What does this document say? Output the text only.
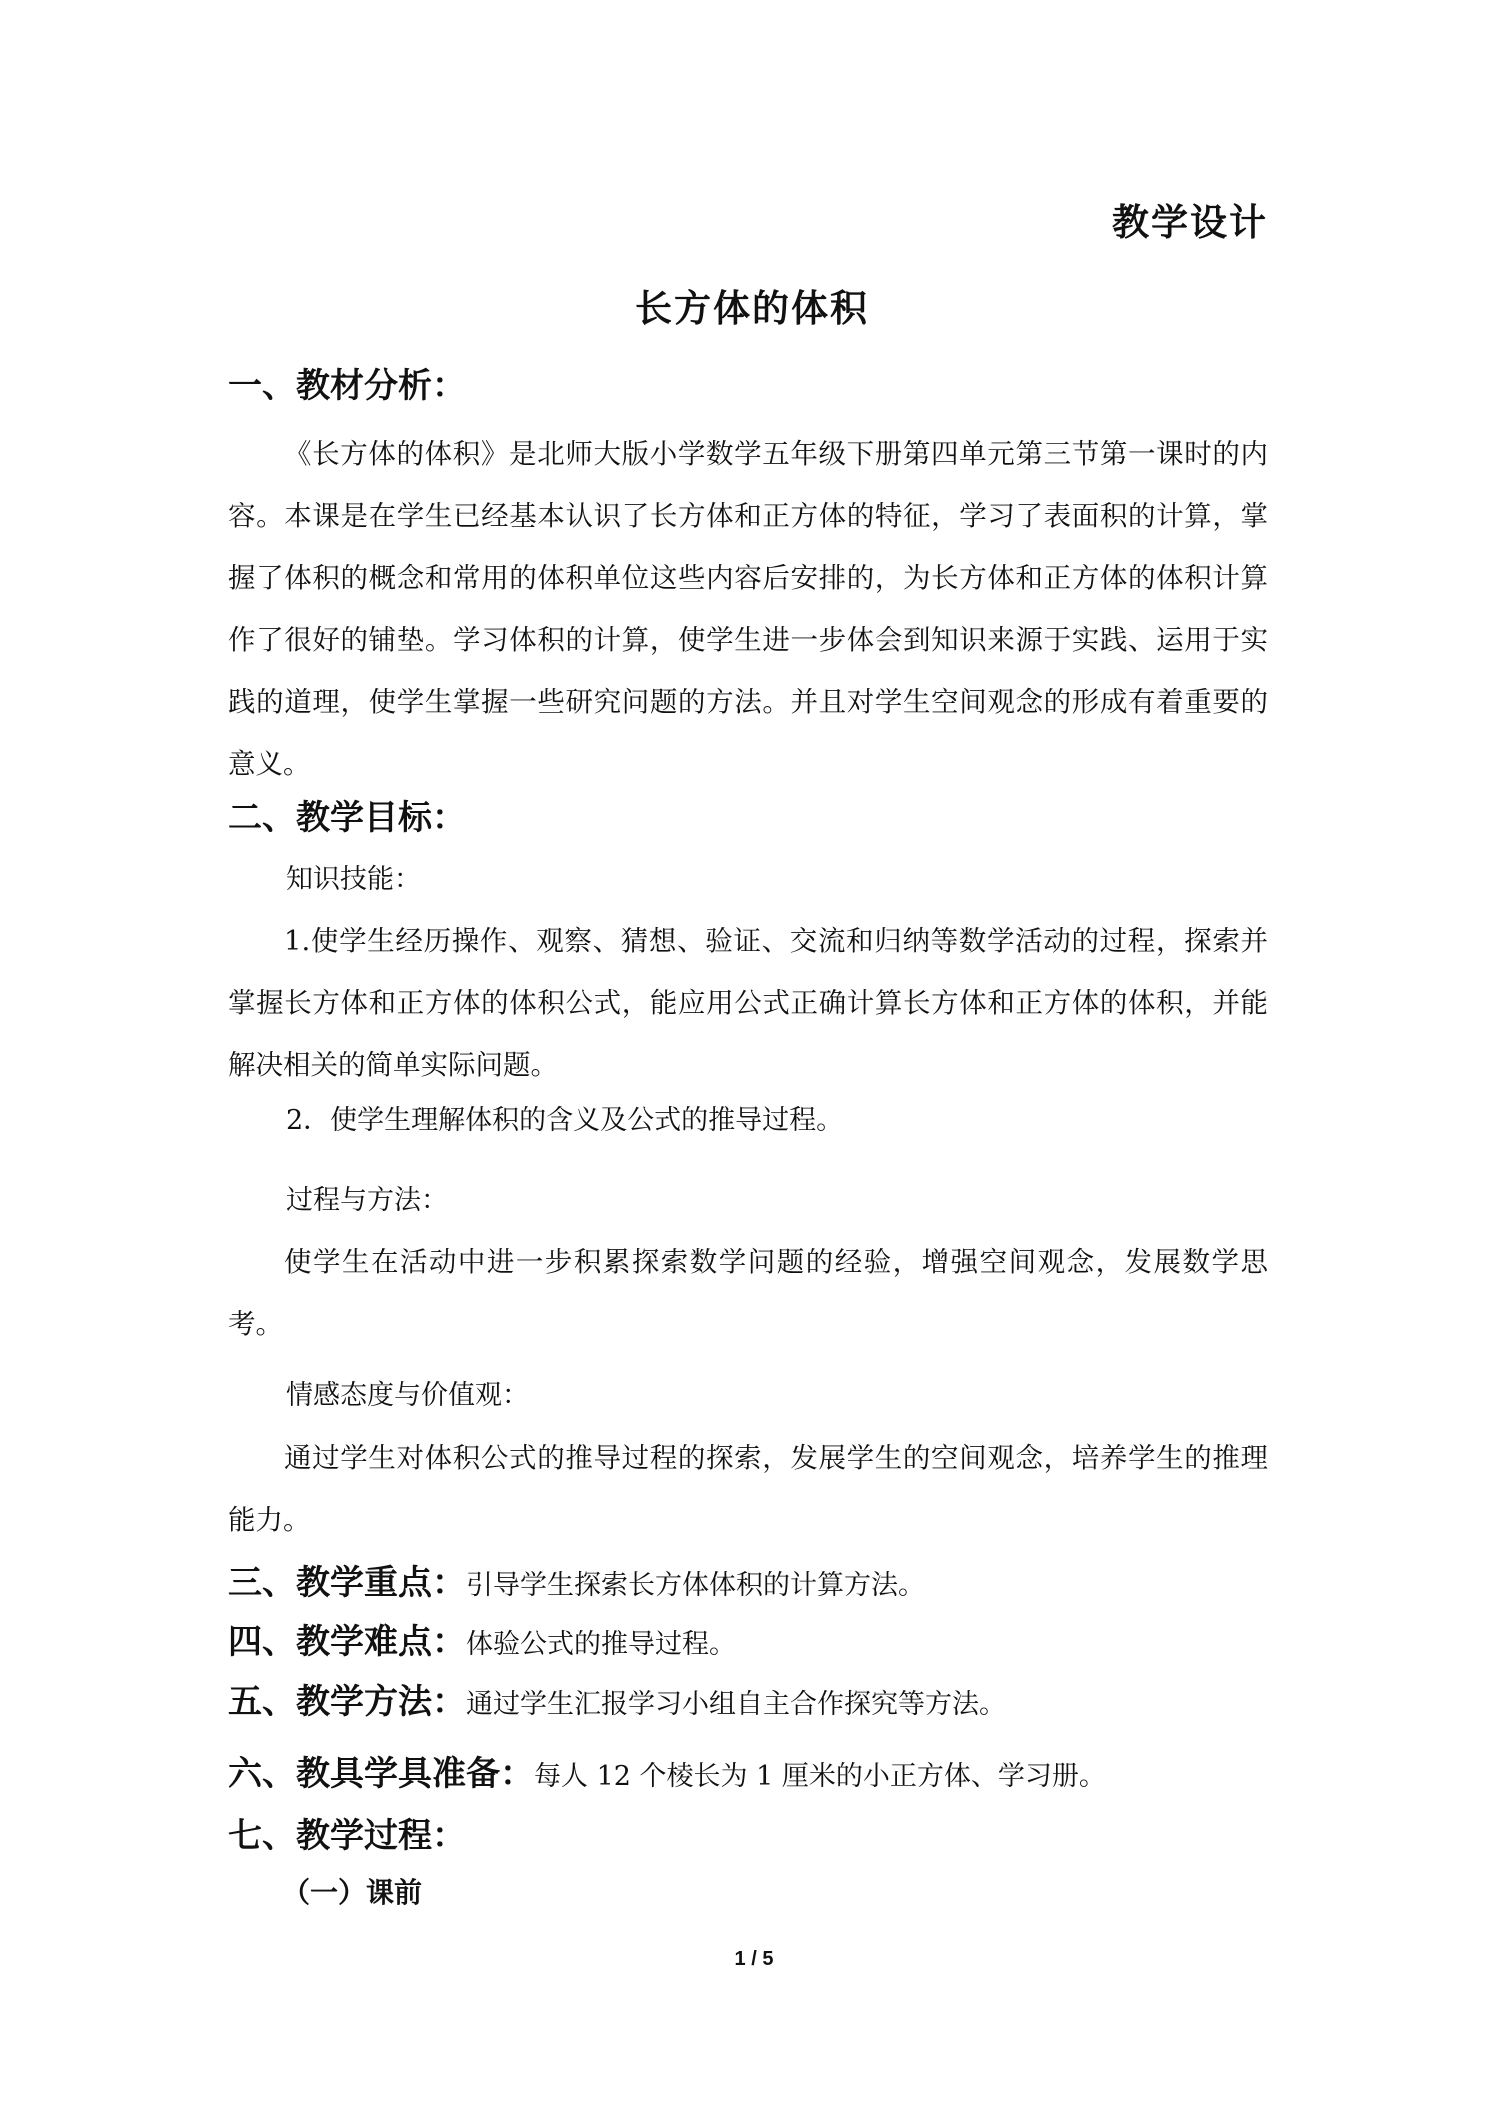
教学设计
长方体的体积
一、教材分析：
《长方体的体积》是北师大版小学数学五年级下册第四单元第三节第一课时的内容。本课是在学生已经基本认识了长方体和正方体的特征，学习了表面积的计算，掌握了体积的概念和常用的体积单位这些内容后安排的，为长方体和正方体的体积计算作了很好的铺垫。学习体积的计算，使学生进一步体会到知识来源于实践、运用于实践的道理，使学生掌握一些研究问题的方法。并且对学生空间观念的形成有着重要的意义。
二、教学目标：
知识技能：
1.使学生经历操作、观察、猜想、验证、交流和归纳等数学活动的过程，探索并掌握长方体和正方体的体积公式，能应用公式正确计算长方体和正方体的体积，并能解决相关的简单实际问题。
2．使学生理解体积的含义及公式的推导过程。
过程与方法：
使学生在活动中进一步积累探索数学问题的经验，增强空间观念，发展数学思考。
情感态度与价值观：
通过学生对体积公式的推导过程的探索，发展学生的空间观念，培养学生的推理能力。
三、教学重点：引导学生探索长方体体积的计算方法。
四、教学难点：体验公式的推导过程。
五、教学方法：通过学生汇报学习小组自主合作探究等方法。
六、教具学具准备：每人 12 个棱长为 1 厘米的小正方体、学习册。
七、教学过程：
（一）课前
1 / 5
